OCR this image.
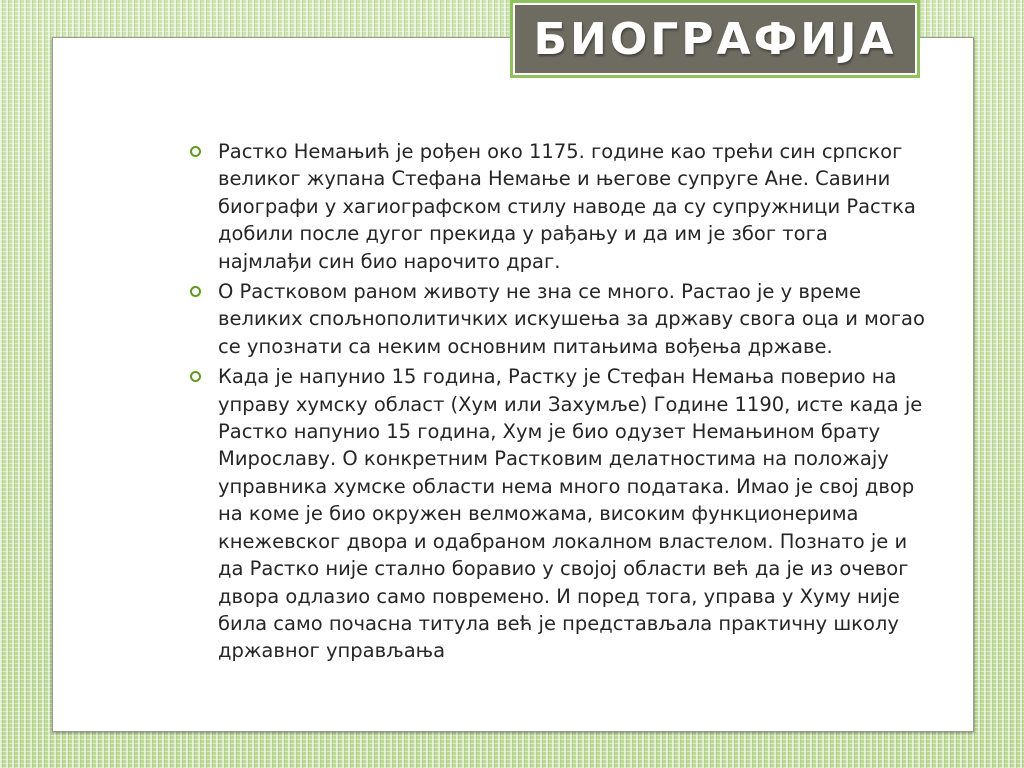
Растко Немањић је рођен око 1175. године као трећи син српског великог жупана Стефана Немање и његове супруге Ане. Савини биографи у хагиографском стилу наводе да су супружници Растка добили после дугог прекида у рађању и да им је због тога најмлађи син био нарочито драг.
О Растковом раном животу не зна се много. Растао је у време великих спољнополитичких искушења за државу свога оца и могао се упознати са неким основним питањима вођења државе.
Када је напунио 15 година, Растку је Стефан Немања поверио на управу хумску област (Хум или Захумље) Године 1190, исте када је Растко напунио 15 година, Хум је био одузет Немањином брату Мирославу. О конкретним Растковим делатностима на положају управника хумске области нема много података. Имао је свој двор на коме је био окружен велможама, високим функционерима кнежевског двора и одабраном локалном властелом. Познато је и да Растко није стално боравио у својој области већ да је из очевог двора одлазио само повремено. И поред тога, управа у Хуму није била само почасна титула већ је представљала практичну школу државног управљања
БИОГРАФИЈА
